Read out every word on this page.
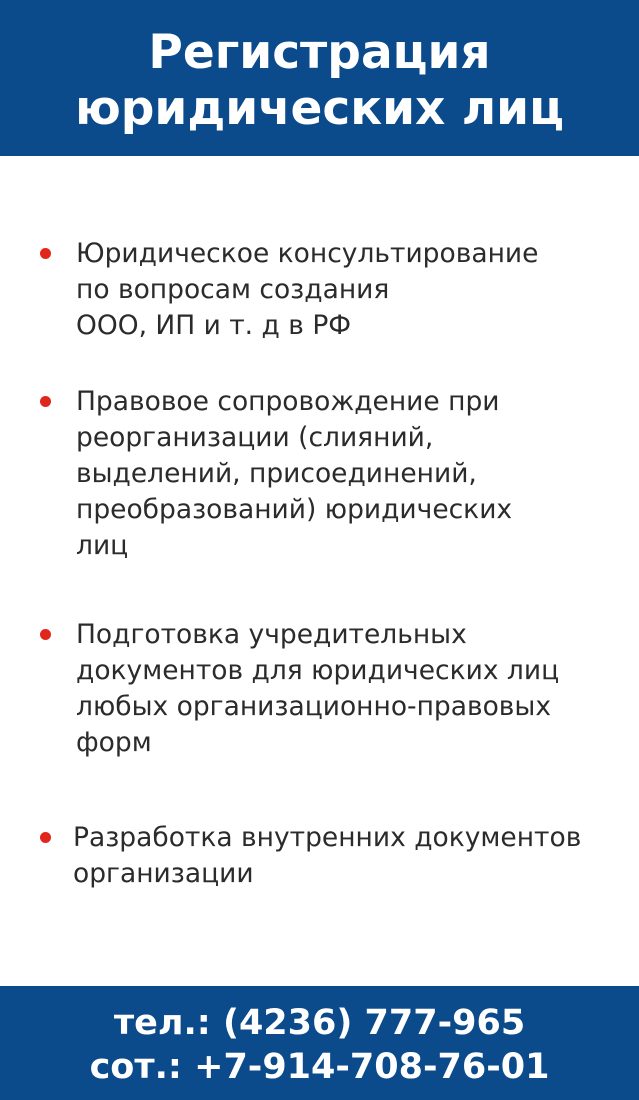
Регистрация
юридических лиц
Юридическое консультирование
по вопросам создания
ООО, ИП и т. д в РФ
Правовое сопровождение при
реорганизации (слияний,
выделений, присоединений,
преобразований) юридических
лиц
Подготовка учредительных
документов для юридических лиц
любых организационно-правовых
форм
Разработка внутренних документов
организации
тел.: (4236) 777-965
сот.: +7-914-708-76-01
